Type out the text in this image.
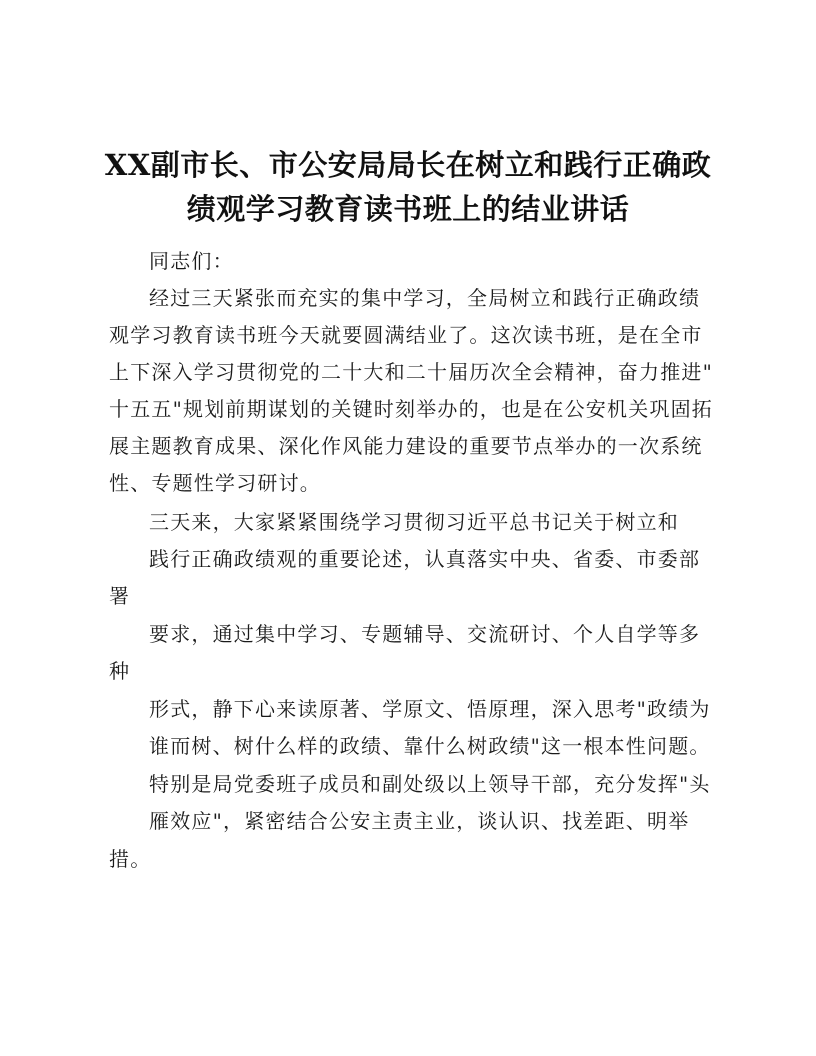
XX副市长、市公安局局长在树立和践行正确政
绩观学习教育读书班上的结业讲话

同志们：

经过三天紧张而充实的集中学习，全局树立和践行正确政绩

观学习教育读书班今天就要圆满结业了。这次读书班，是在全市

上下深入学习贯彻党的二十大和二十届历次全会精神，奋力推进"

十五五"规划前期谋划的关键时刻举办的，也是在公安机关巩固拓

展主题教育成果、深化作风能力建设的重要节点举办的一次系统

性、专题性学习研讨。

三天来，大家紧紧围绕学习贯彻习近平总书记关于树立和

践行正确政绩观的重要论述，认真落实中央、省委、市委部

署

要求，通过集中学习、专题辅导、交流研讨、个人自学等多

种

形式，静下心来读原著、学原文、悟原理，深入思考"政绩为

谁而树、树什么样的政绩、靠什么树政绩"这一根本性问题。

特别是局党委班子成员和副处级以上领导干部，充分发挥"头

雁效应"，紧密结合公安主责主业，谈认识、找差距、明举

措。
